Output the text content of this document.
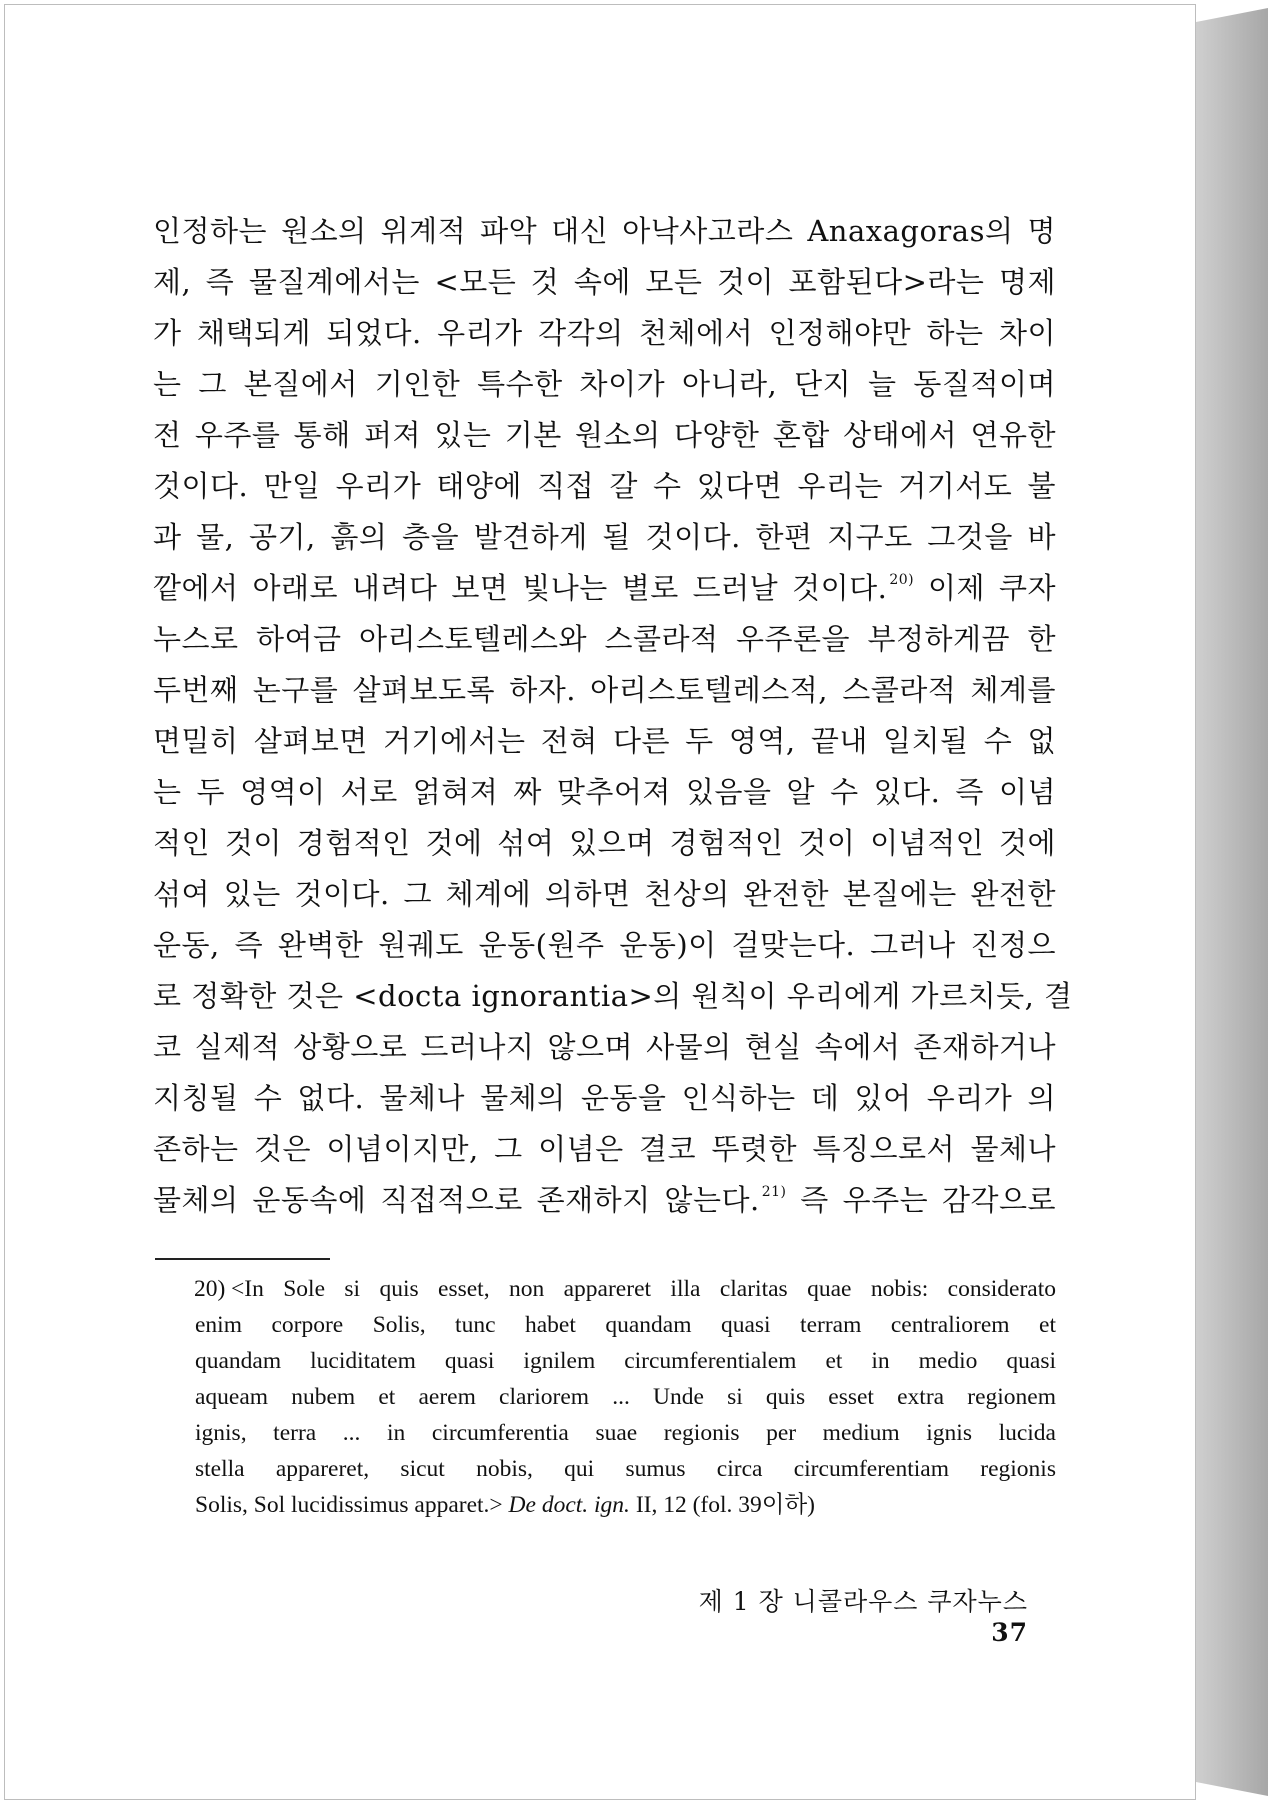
인정하는 원소의 위계적 파악 대신 아낙사고라스 Anaxagoras의 명
제, 즉 물질계에서는 <모든 것 속에 모든 것이 포함된다>라는 명제
가 채택되게 되었다. 우리가 각각의 천체에서 인정해야만 하는 차이
는 그 본질에서 기인한 특수한 차이가 아니라, 단지 늘 동질적이며
전 우주를 통해 퍼져 있는 기본 원소의 다양한 혼합 상태에서 연유한
것이다. 만일 우리가 태양에 직접 갈 수 있다면 우리는 거기서도 불
과 물, 공기, 흙의 층을 발견하게 될 것이다. 한편 지구도 그것을 바
깥에서 아래로 내려다 보면 빛나는 별로 드러날 것이다. $^{20)}$ 이제 쿠자
누스로 하여금 아리스토텔레스와 스콜라적 우주론을 부정하게끔 한
두번째 논구를 살펴보도록 하자. 아리스토텔레스적, 스콜라적 체계를
면밀히 살펴보면 거기에서는 전혀 다른 두 영역, 끝내 일치될 수 없
는 두 영역이 서로 얽혀져 짜 맞추어져 있음을 알 수 있다. 즉 이념
적인 것이 경험적인 것에 섞여 있으며 경험적인 것이 이념적인 것에
섞여 있는 것이다. 그 체계에 의하면 천상의 완전한 본질에는 완전한
운동, 즉 완벽한 원궤도 운동(원주 운동)이 걸맞는다. 그러나 진정으
로 정확한 것은 <docta ignorantia>의 원칙이 우리에게 가르치듯, 결
코 실제적 상황으로 드러나지 않으며 사물의 현실 속에서 존재하거나
지칭될 수 없다. 물체나 물체의 운동을 인식하는 데 있어 우리가 의
존하는 것은 이념이지만, 그 이념은 결코 뚜렷한 특징으로서 물체나
물체의 운동속에 직접적으로 존재하지 않는다. $^{21)}$ 즉 우주는 감각으로
20) <In Sole si quis esset, non appareret illa claritas quae nobis: considerato
enim corpore Solis, tunc habet quandam quasi terram centraliorem et
quandam luciditatem quasi ignilem circumferentialem et in medio quasi
aqueam nubem et aerem clariorem ... Unde si quis esset extra regionem
ignis, terra ... in circumferentia suae regionis per medium ignis lucida
stella appareret, sicut nobis, qui sumus circa circumferentiam regionis
Solis, Sol lucidissimus apparet.> De doct. ign. II, 12 (fol. 39이하)
제 1 장 니콜라우스 쿠자누스37
